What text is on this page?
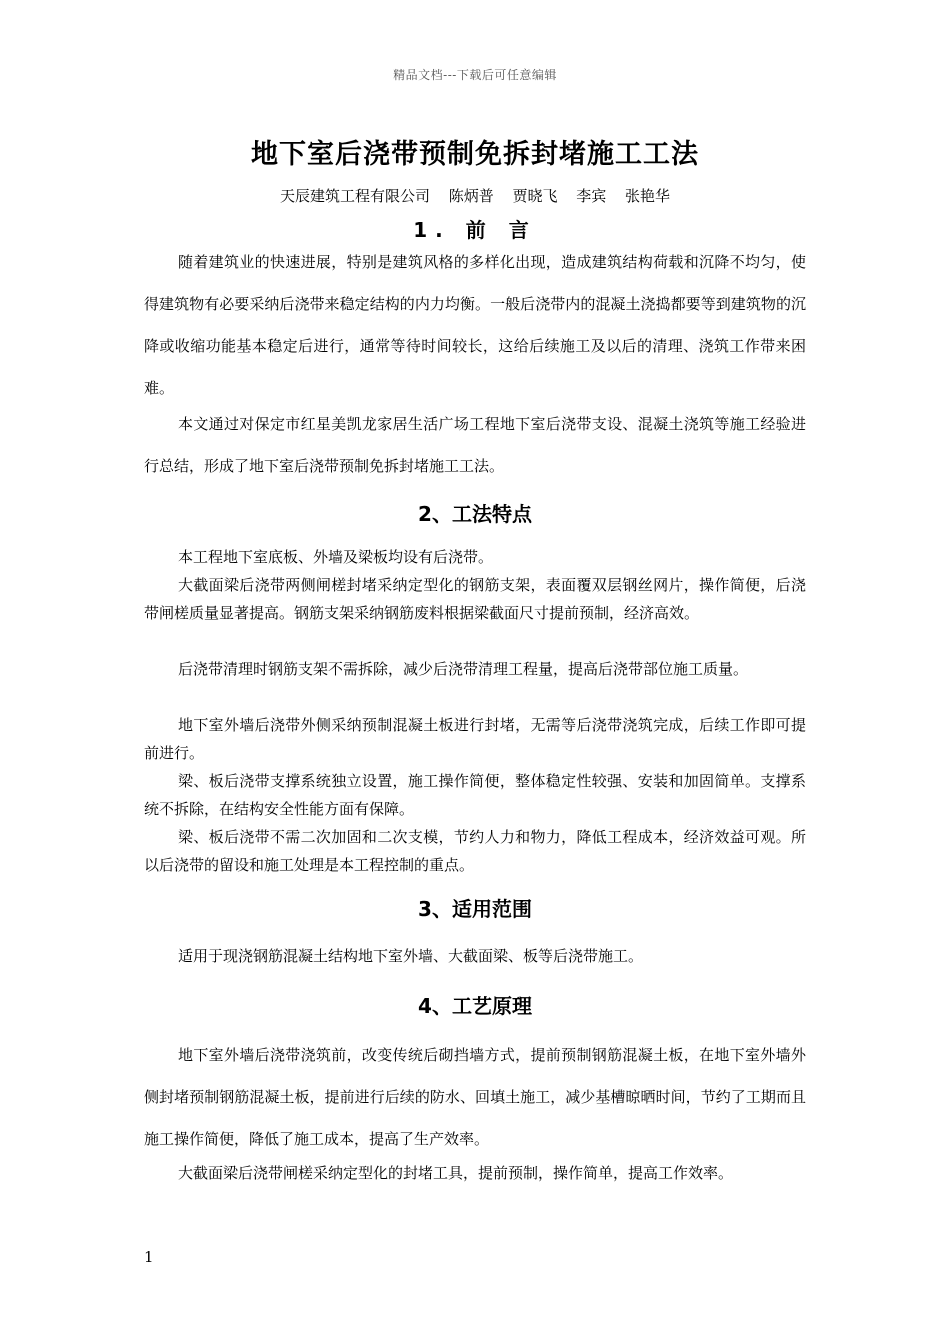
精品文档---下载后可任意编辑
地下室后浇带预制免拆封堵施工工法
天辰建筑工程有限公司 陈炳普 贾晓飞 李宾 张艳华
1. 前 言
随着建筑业的快速进展，特别是建筑风格的多样化出现，造成建筑结构荷载和沉降不均匀，使得建筑物有必要采纳后浇带来稳定结构的内力均衡。一般后浇带内的混凝土浇捣都要等到建筑物的沉降或收缩功能基本稳定后进行，通常等待时间较长，这给后续施工及以后的清理、浇筑工作带来困难。
本文通过对保定市红星美凯龙家居生活广场工程地下室后浇带支设、混凝土浇筑等施工经验进行总结，形成了地下室后浇带预制免拆封堵施工工法。
2、工法特点
本工程地下室底板、外墙及梁板均设有后浇带。
大截面梁后浇带两侧闸槎封堵采纳定型化的钢筋支架，表面覆双层钢丝网片，操作简便，后浇带闸槎质量显著提高。钢筋支架采纳钢筋废料根据梁截面尺寸提前预制，经济高效。
后浇带清理时钢筋支架不需拆除，减少后浇带清理工程量，提高后浇带部位施工质量。
地下室外墙后浇带外侧采纳预制混凝土板进行封堵，无需等后浇带浇筑完成，后续工作即可提前进行。
梁、板后浇带支撑系统独立设置，施工操作简便，整体稳定性较强、安装和加固简单。支撑系统不拆除，在结构安全性能方面有保障。
梁、板后浇带不需二次加固和二次支模，节约人力和物力，降低工程成本，经济效益可观。所以后浇带的留设和施工处理是本工程控制的重点。
3、适用范围
适用于现浇钢筋混凝土结构地下室外墙、大截面梁、板等后浇带施工。
4、工艺原理
地下室外墙后浇带浇筑前，改变传统后砌挡墙方式，提前预制钢筋混凝土板，在地下室外墙外侧封堵预制钢筋混凝土板，提前进行后续的防水、回填土施工，减少基槽晾晒时间，节约了工期而且施工操作简便，降低了施工成本，提高了生产效率。
大截面梁后浇带闸槎采纳定型化的封堵工具，提前预制，操作简单，提高工作效率。
1
